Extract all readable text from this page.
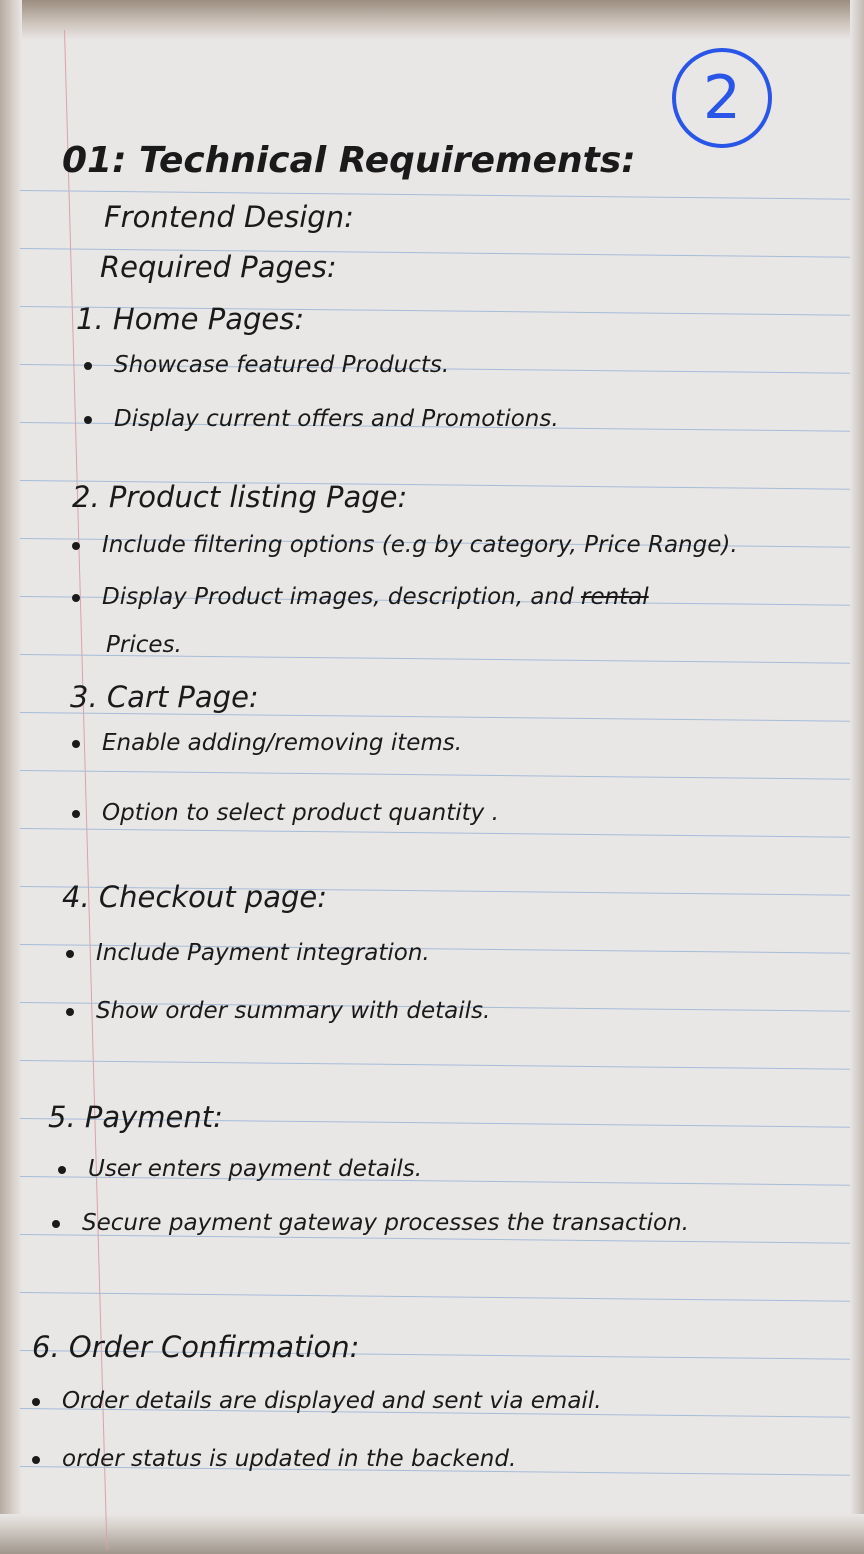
2
01: Technical Requirements:
Frontend Design:
Required Pages:
1. Home Pages:
Showcase featured Products.
Display current offers and Promotions.
2. Product listing Page:
Include filtering options (e.g by category, Price Range).
Display Product images, description, and rental
Prices.
3. Cart Page:
Enable adding/removing items.
Option to select product quantity .
4. Checkout page:
Include Payment integration.
Show order summary with details.
5. Payment:
User enters payment details.
Secure payment gateway processes the transaction.
6. Order Confirmation:
Order details are displayed and sent via email.
order status is updated in the backend.
